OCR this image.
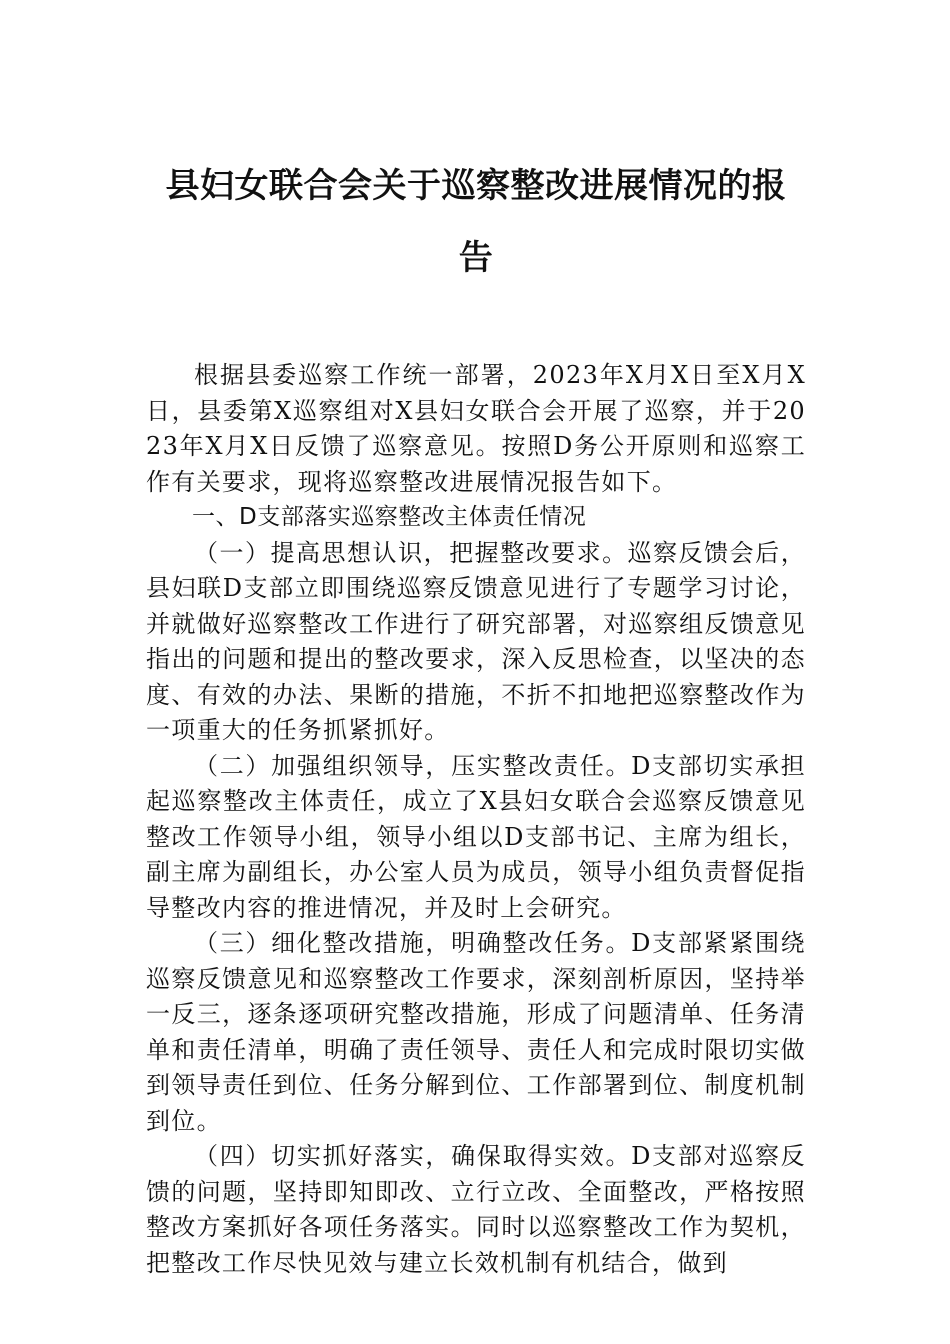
县妇女联合会关于巡察整改进展情况的报
告

根据县委巡察工作统一部署，2023年X月X日至X月X日，县委第X巡察组对X县妇女联合会开展了巡察，并于2023年X月X日反馈了巡察意见。按照D务公开原则和巡察工作有关要求，现将巡察整改进展情况报告如下。

一、D支部落实巡察整改主体责任情况

（一）提高思想认识，把握整改要求。巡察反馈会后，县妇联D支部立即围绕巡察反馈意见进行了专题学习讨论，并就做好巡察整改工作进行了研究部署，对巡察组反馈意见指出的问题和提出的整改要求，深入反思检查，以坚决的态度、有效的办法、果断的措施，不折不扣地把巡察整改作为一项重大的任务抓紧抓好。

（二）加强组织领导，压实整改责任。D支部切实承担起巡察整改主体责任，成立了X县妇女联合会巡察反馈意见整改工作领导小组，领导小组以D支部书记、主席为组长，副主席为副组长，办公室人员为成员，领导小组负责督促指导整改内容的推进情况，并及时上会研究。

（三）细化整改措施，明确整改任务。D支部紧紧围绕巡察反馈意见和巡察整改工作要求，深刻剖析原因，坚持举一反三，逐条逐项研究整改措施，形成了问题清单、任务清单和责任清单，明确了责任领导、责任人和完成时限切实做到领导责任到位、任务分解到位、工作部署到位、制度机制到位。

（四）切实抓好落实，确保取得实效。D支部对巡察反馈的问题，坚持即知即改、立行立改、全面整改，严格按照整改方案抓好各项任务落实。同时以巡察整改工作为契机，把整改工作尽快见效与建立长效机制有机结合，做到
